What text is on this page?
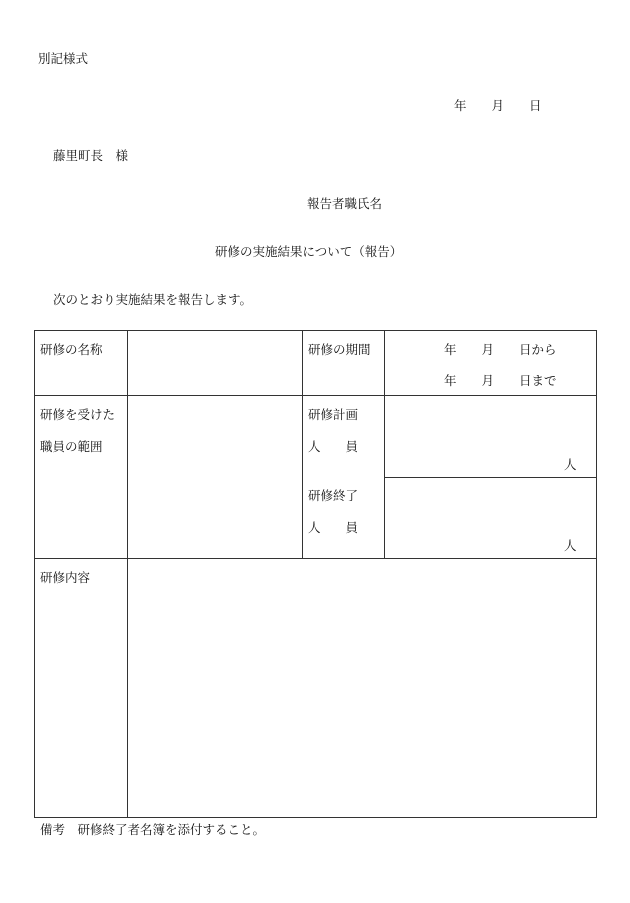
別記様式
年　　月　　日
藤里町長　様
報告者職氏名
研修の実施結果について（報告）
次のとおり実施結果を報告します。
研修の名称	研修の期間	年　　月　　日から
年　　月　　日まで
研修を受けた
職員の範囲
研修計画
人　　員
人
研修終了
人　　員
人
研修内容
備考　研修終了者名簿を添付すること。
